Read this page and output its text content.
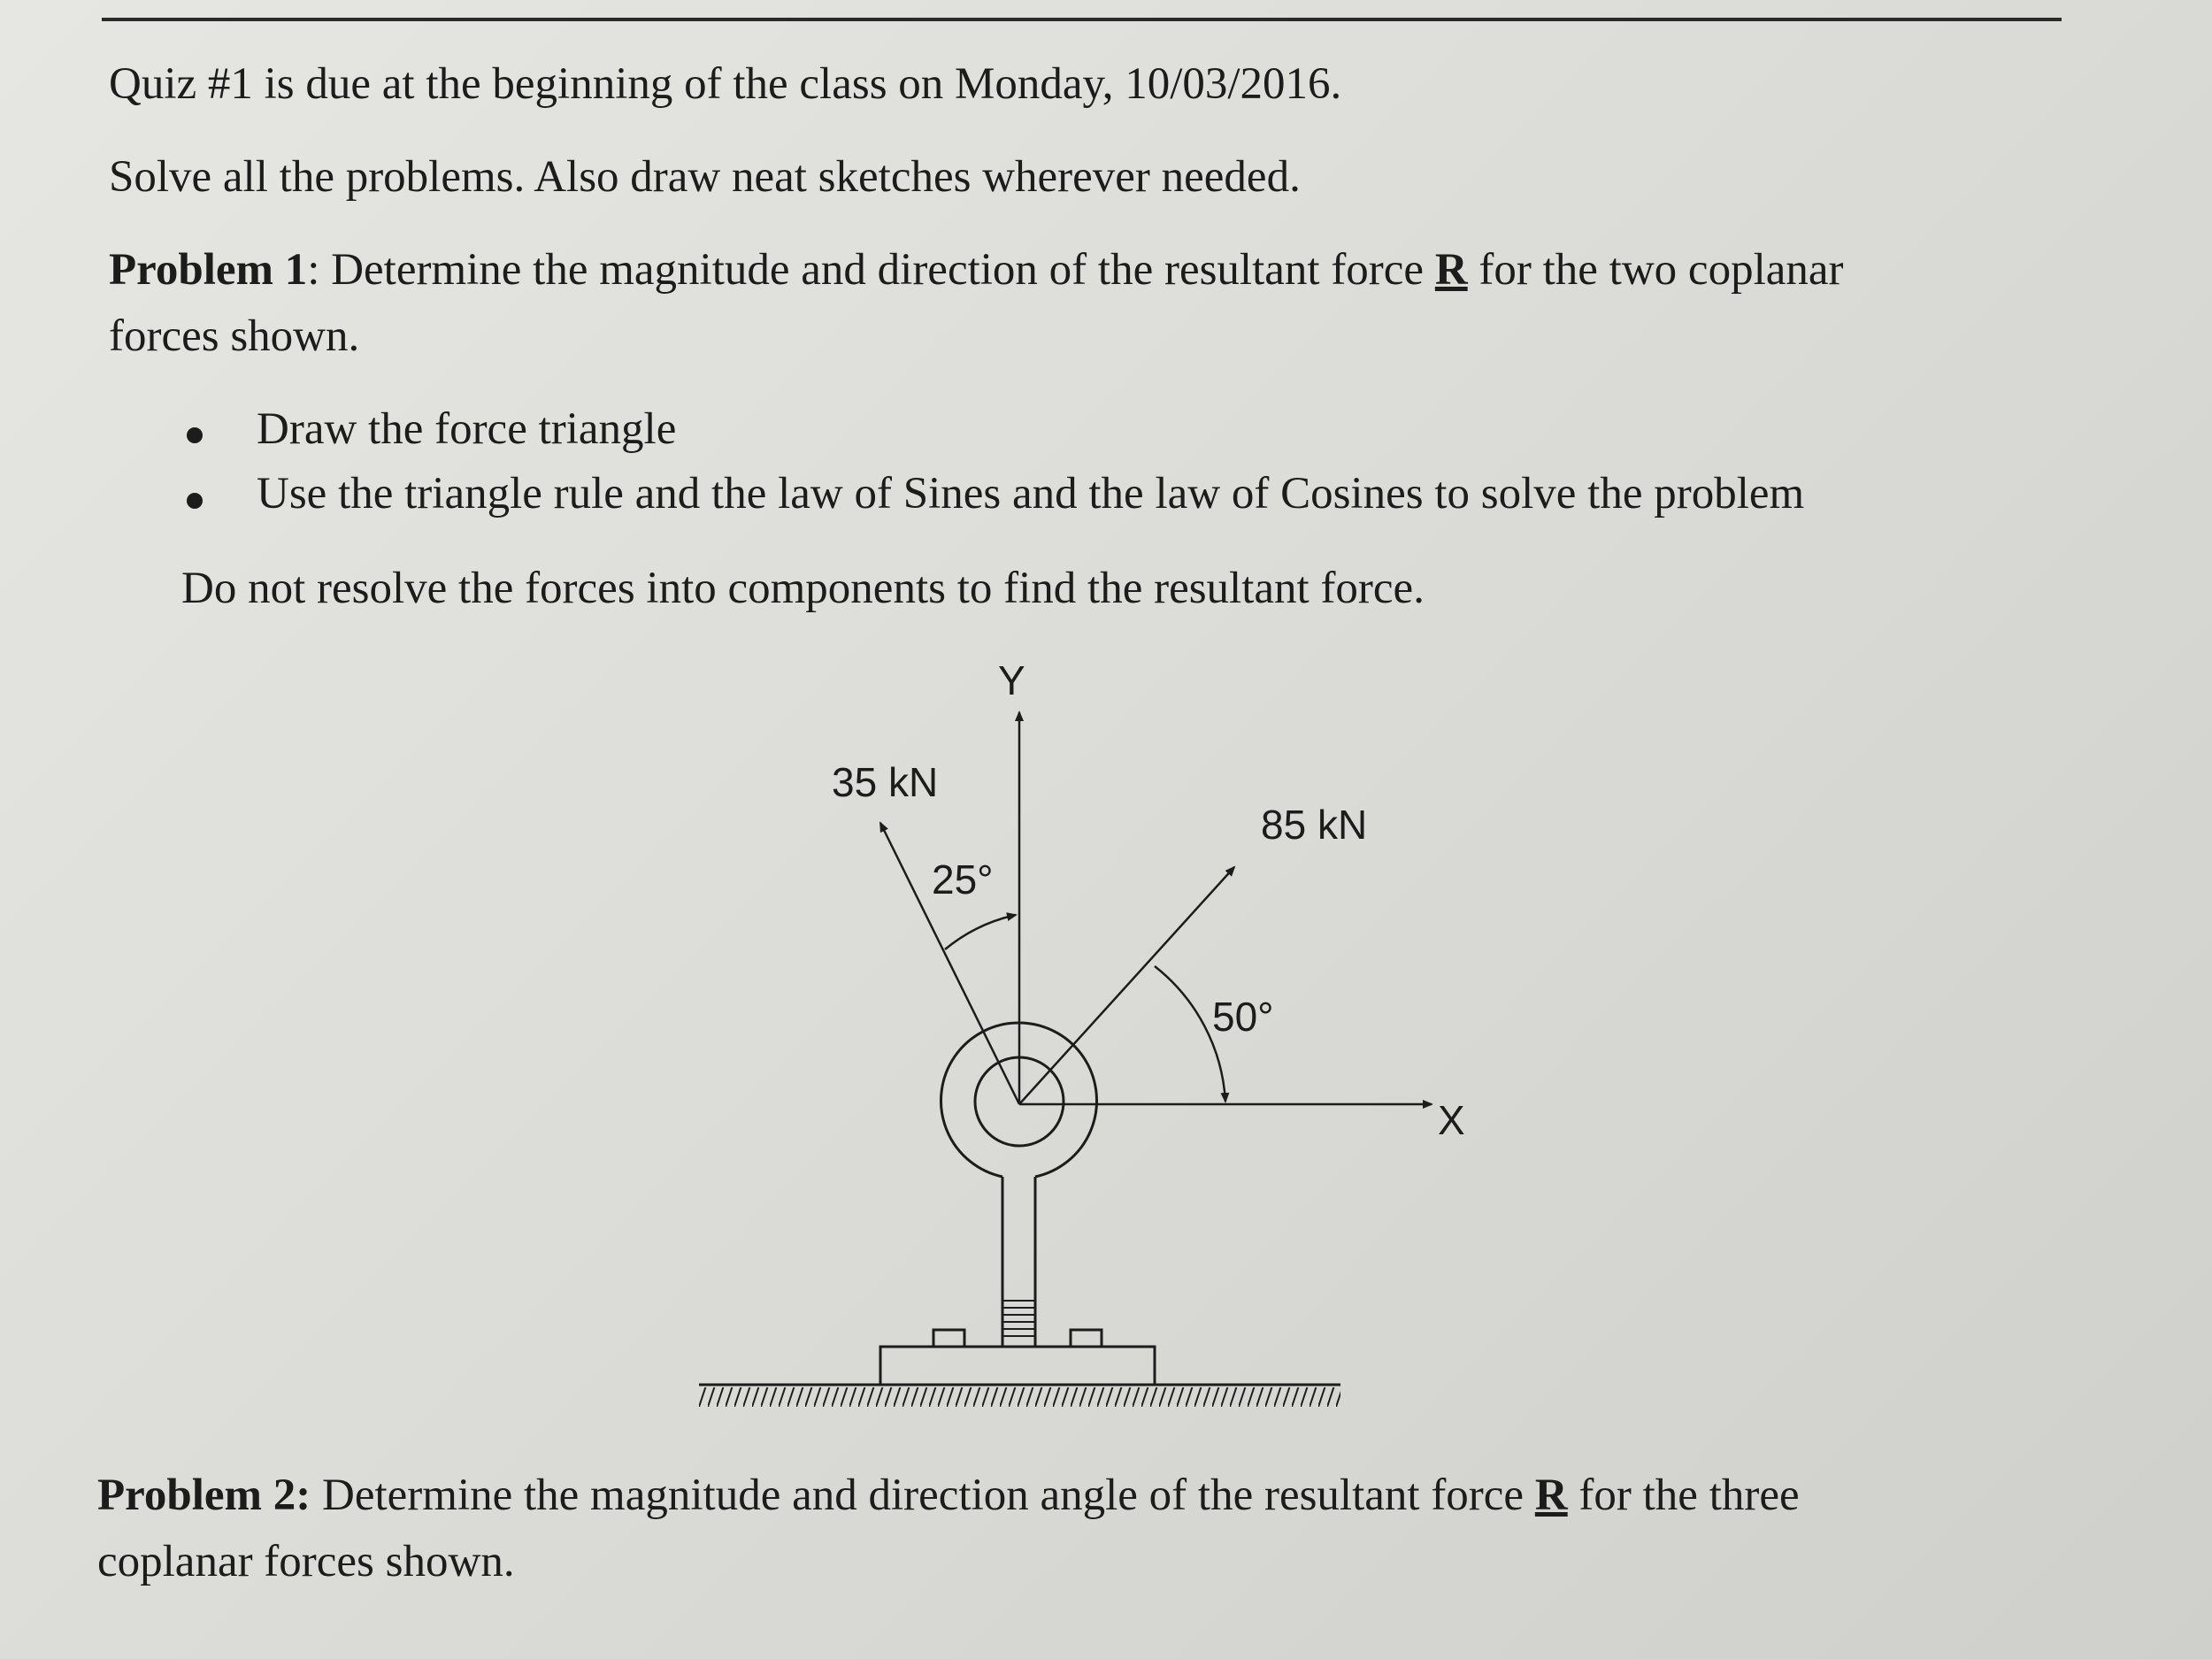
Quiz #1 is due at the beginning of the class on Monday, 10/03/2016.
Solve all the problems. Also draw neat sketches wherever needed.
Problem 1: Determine the magnitude and direction of the resultant force R for the two coplanar
forces shown.
Draw the force triangle
Use the triangle rule and the law of Sines and the law of Cosines to solve the problem
Do not resolve the forces into components to find the resultant force.
Y
X
35 kN
85 kN
25°
50°
Problem 2: Determine the magnitude and direction angle of the resultant force R for the three
coplanar forces shown.
